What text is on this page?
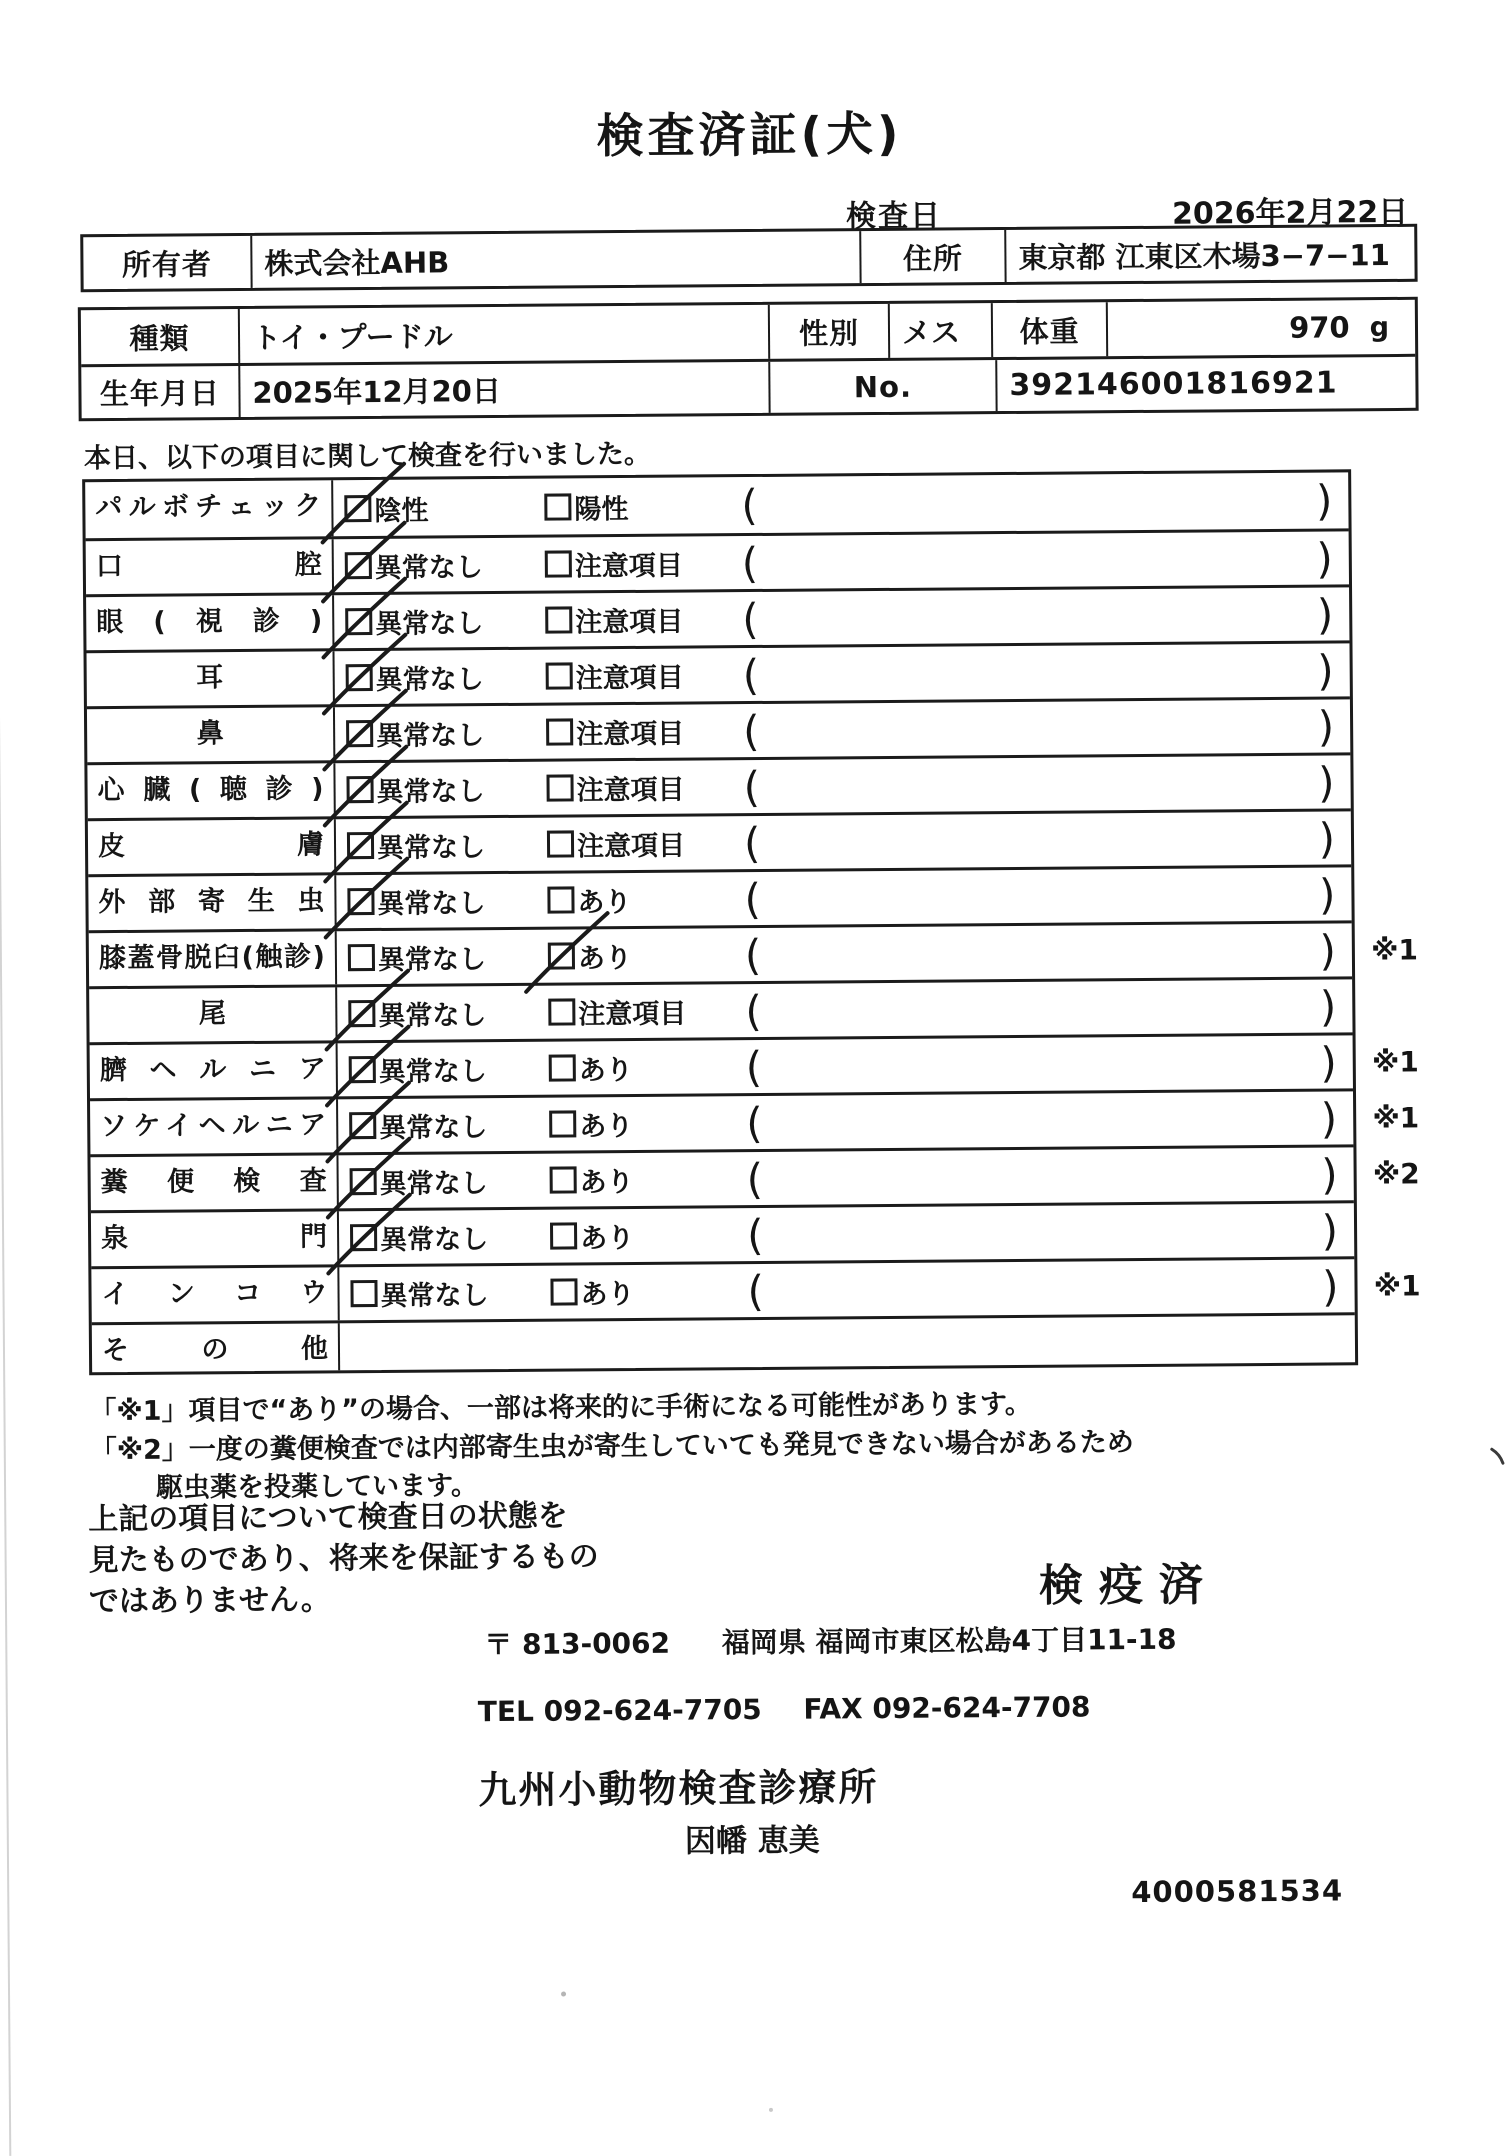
検査済証(犬)
検査日	2026年2月22日
所有者	株式会社AHB	住所	東京都 江東区木場3−7−11
種類	トイ・プードル	性別	メス	体重	970 g
生年月日	2025年12月20日	No.	392146001816921
本日、以下の項目に関して検査を行いました。
パルボチェック	陰性	陽性	(	)
口腔	異常なし	注意項目 (	)
眼(視診)	異常なし	注意項目 (	)
耳	異常なし	注意項目 (	)
鼻	異常なし	注意項目 (	)
心臓(聴診)	異常なし	注意項目 (	)
皮膚	異常なし	注意項目 (	)
外部寄生虫	異常なし	あり	(	)
膝蓋骨脱臼(触診)	異常なし	あり	(	) ※1
尾	異常なし	注意項目 (	)
臍ヘルニア	異常なし	あり	(	) ※1
ソケイヘルニア	異常なし	あり	(	) ※1
糞便検査	異常なし	あり	(	) ※2
泉門	異常なし	あり	(	)
インコウ	異常なし	あり	(	) ※1
その他
「※1」項目で“あり”の場合、一部は将来的に手術になる可能性があります。
「※2」一度の糞便検査では内部寄生虫が寄生していても発見できない場合があるため
駆虫薬を投薬しています。
上記の項目について検査日の状態を
見たものであり、将来を保証するもの
ではありません。	検疫済
〒 813-0062 福岡県 福岡市東区松島4丁目11-18
TEL 092-624-7705 FAX 092-624-7708
九州小動物検査診療所
因幡 恵美
4000581534
